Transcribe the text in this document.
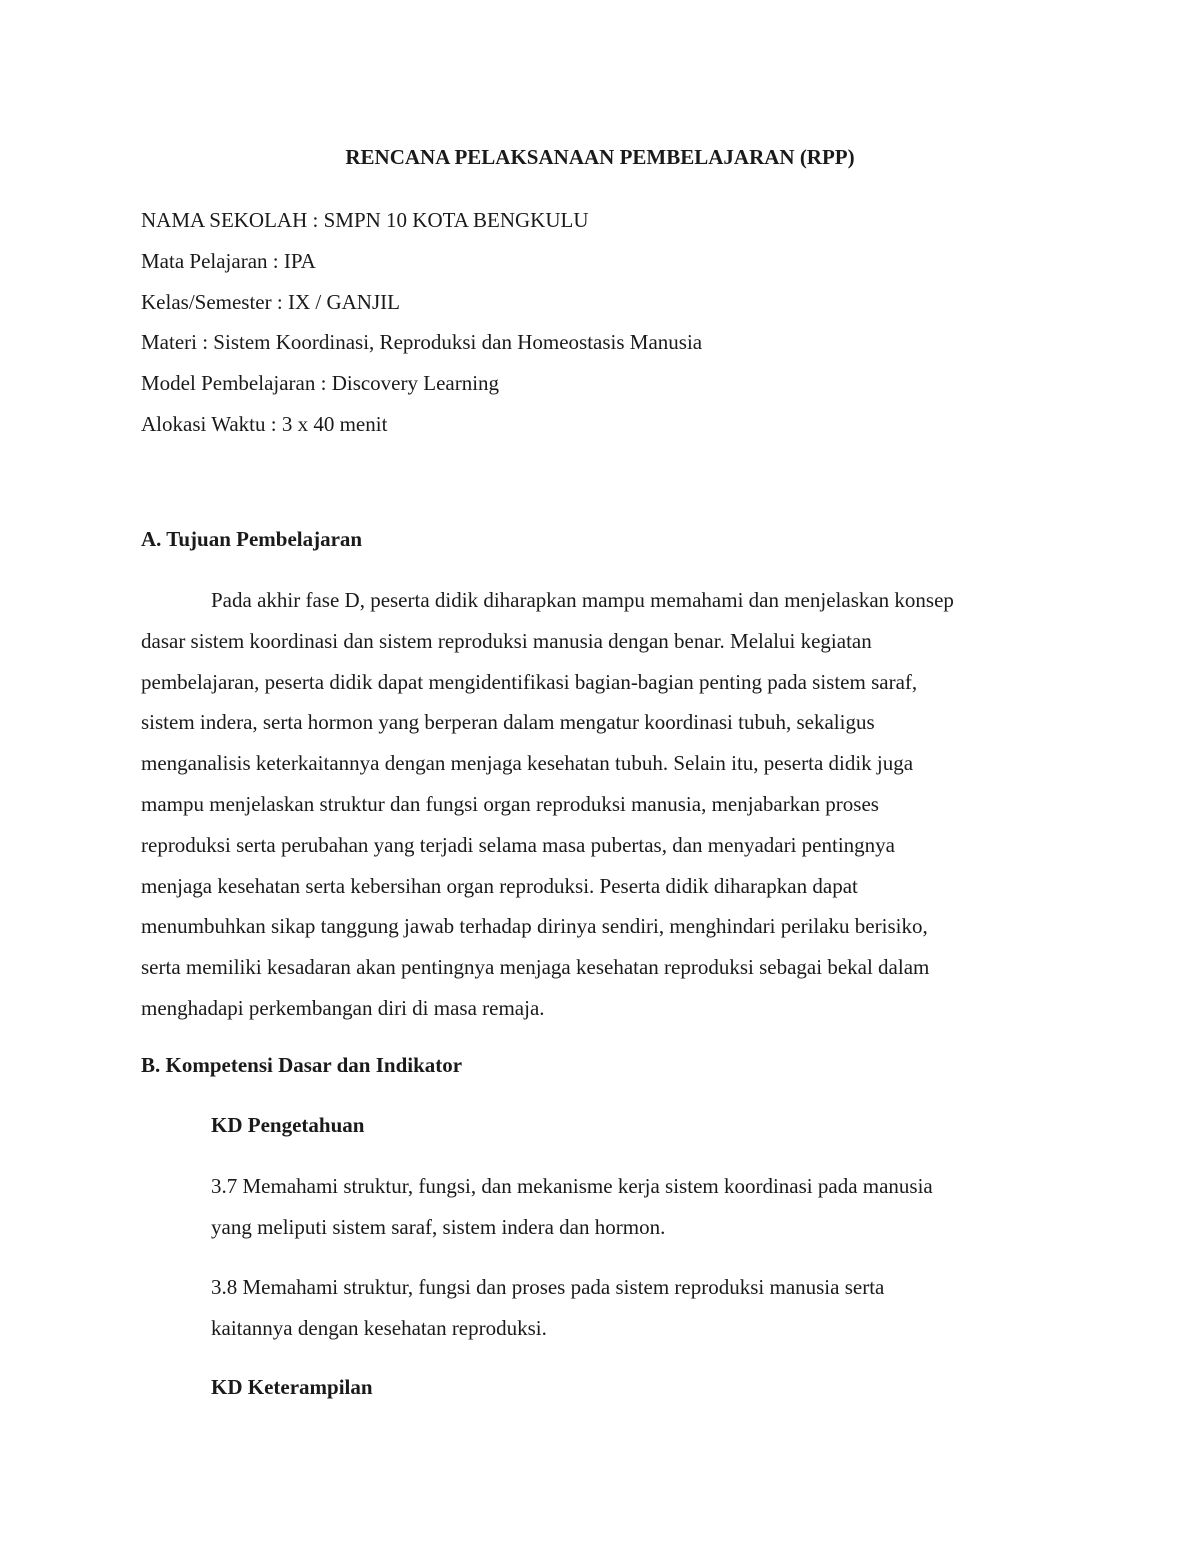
RENCANA PELAKSANAAN PEMBELAJARAN (RPP)
NAMA SEKOLAH : SMPN 10 KOTA BENGKULU
Mata Pelajaran : IPA
Kelas/Semester : IX / GANJIL
Materi : Sistem Koordinasi, Reproduksi dan Homeostasis Manusia
Model Pembelajaran : Discovery Learning
Alokasi Waktu : 3 x 40 menit
A. Tujuan Pembelajaran

Pada akhir fase D, peserta didik diharapkan mampu memahami dan menjelaskan konsep
dasar sistem koordinasi dan sistem reproduksi manusia dengan benar. Melalui kegiatan
pembelajaran, peserta didik dapat mengidentifikasi bagian-bagian penting pada sistem saraf,
sistem indera, serta hormon yang berperan dalam mengatur koordinasi tubuh, sekaligus
menganalisis keterkaitannya dengan menjaga kesehatan tubuh. Selain itu, peserta didik juga
mampu menjelaskan struktur dan fungsi organ reproduksi manusia, menjabarkan proses
reproduksi serta perubahan yang terjadi selama masa pubertas, dan menyadari pentingnya
menjaga kesehatan serta kebersihan organ reproduksi. Peserta didik diharapkan dapat
menumbuhkan sikap tanggung jawab terhadap dirinya sendiri, menghindari perilaku berisiko,
serta memiliki kesadaran akan pentingnya menjaga kesehatan reproduksi sebagai bekal dalam
menghadapi perkembangan diri di masa remaja.

B. Kompetensi Dasar dan Indikator
KD Pengetahuan

3.7 Memahami struktur, fungsi, dan mekanisme kerja sistem koordinasi pada manusia
yang meliputi sistem saraf, sistem indera dan hormon.

3.8 Memahami struktur, fungsi dan proses pada sistem reproduksi manusia serta
kaitannya dengan kesehatan reproduksi.

KD Keterampilan
